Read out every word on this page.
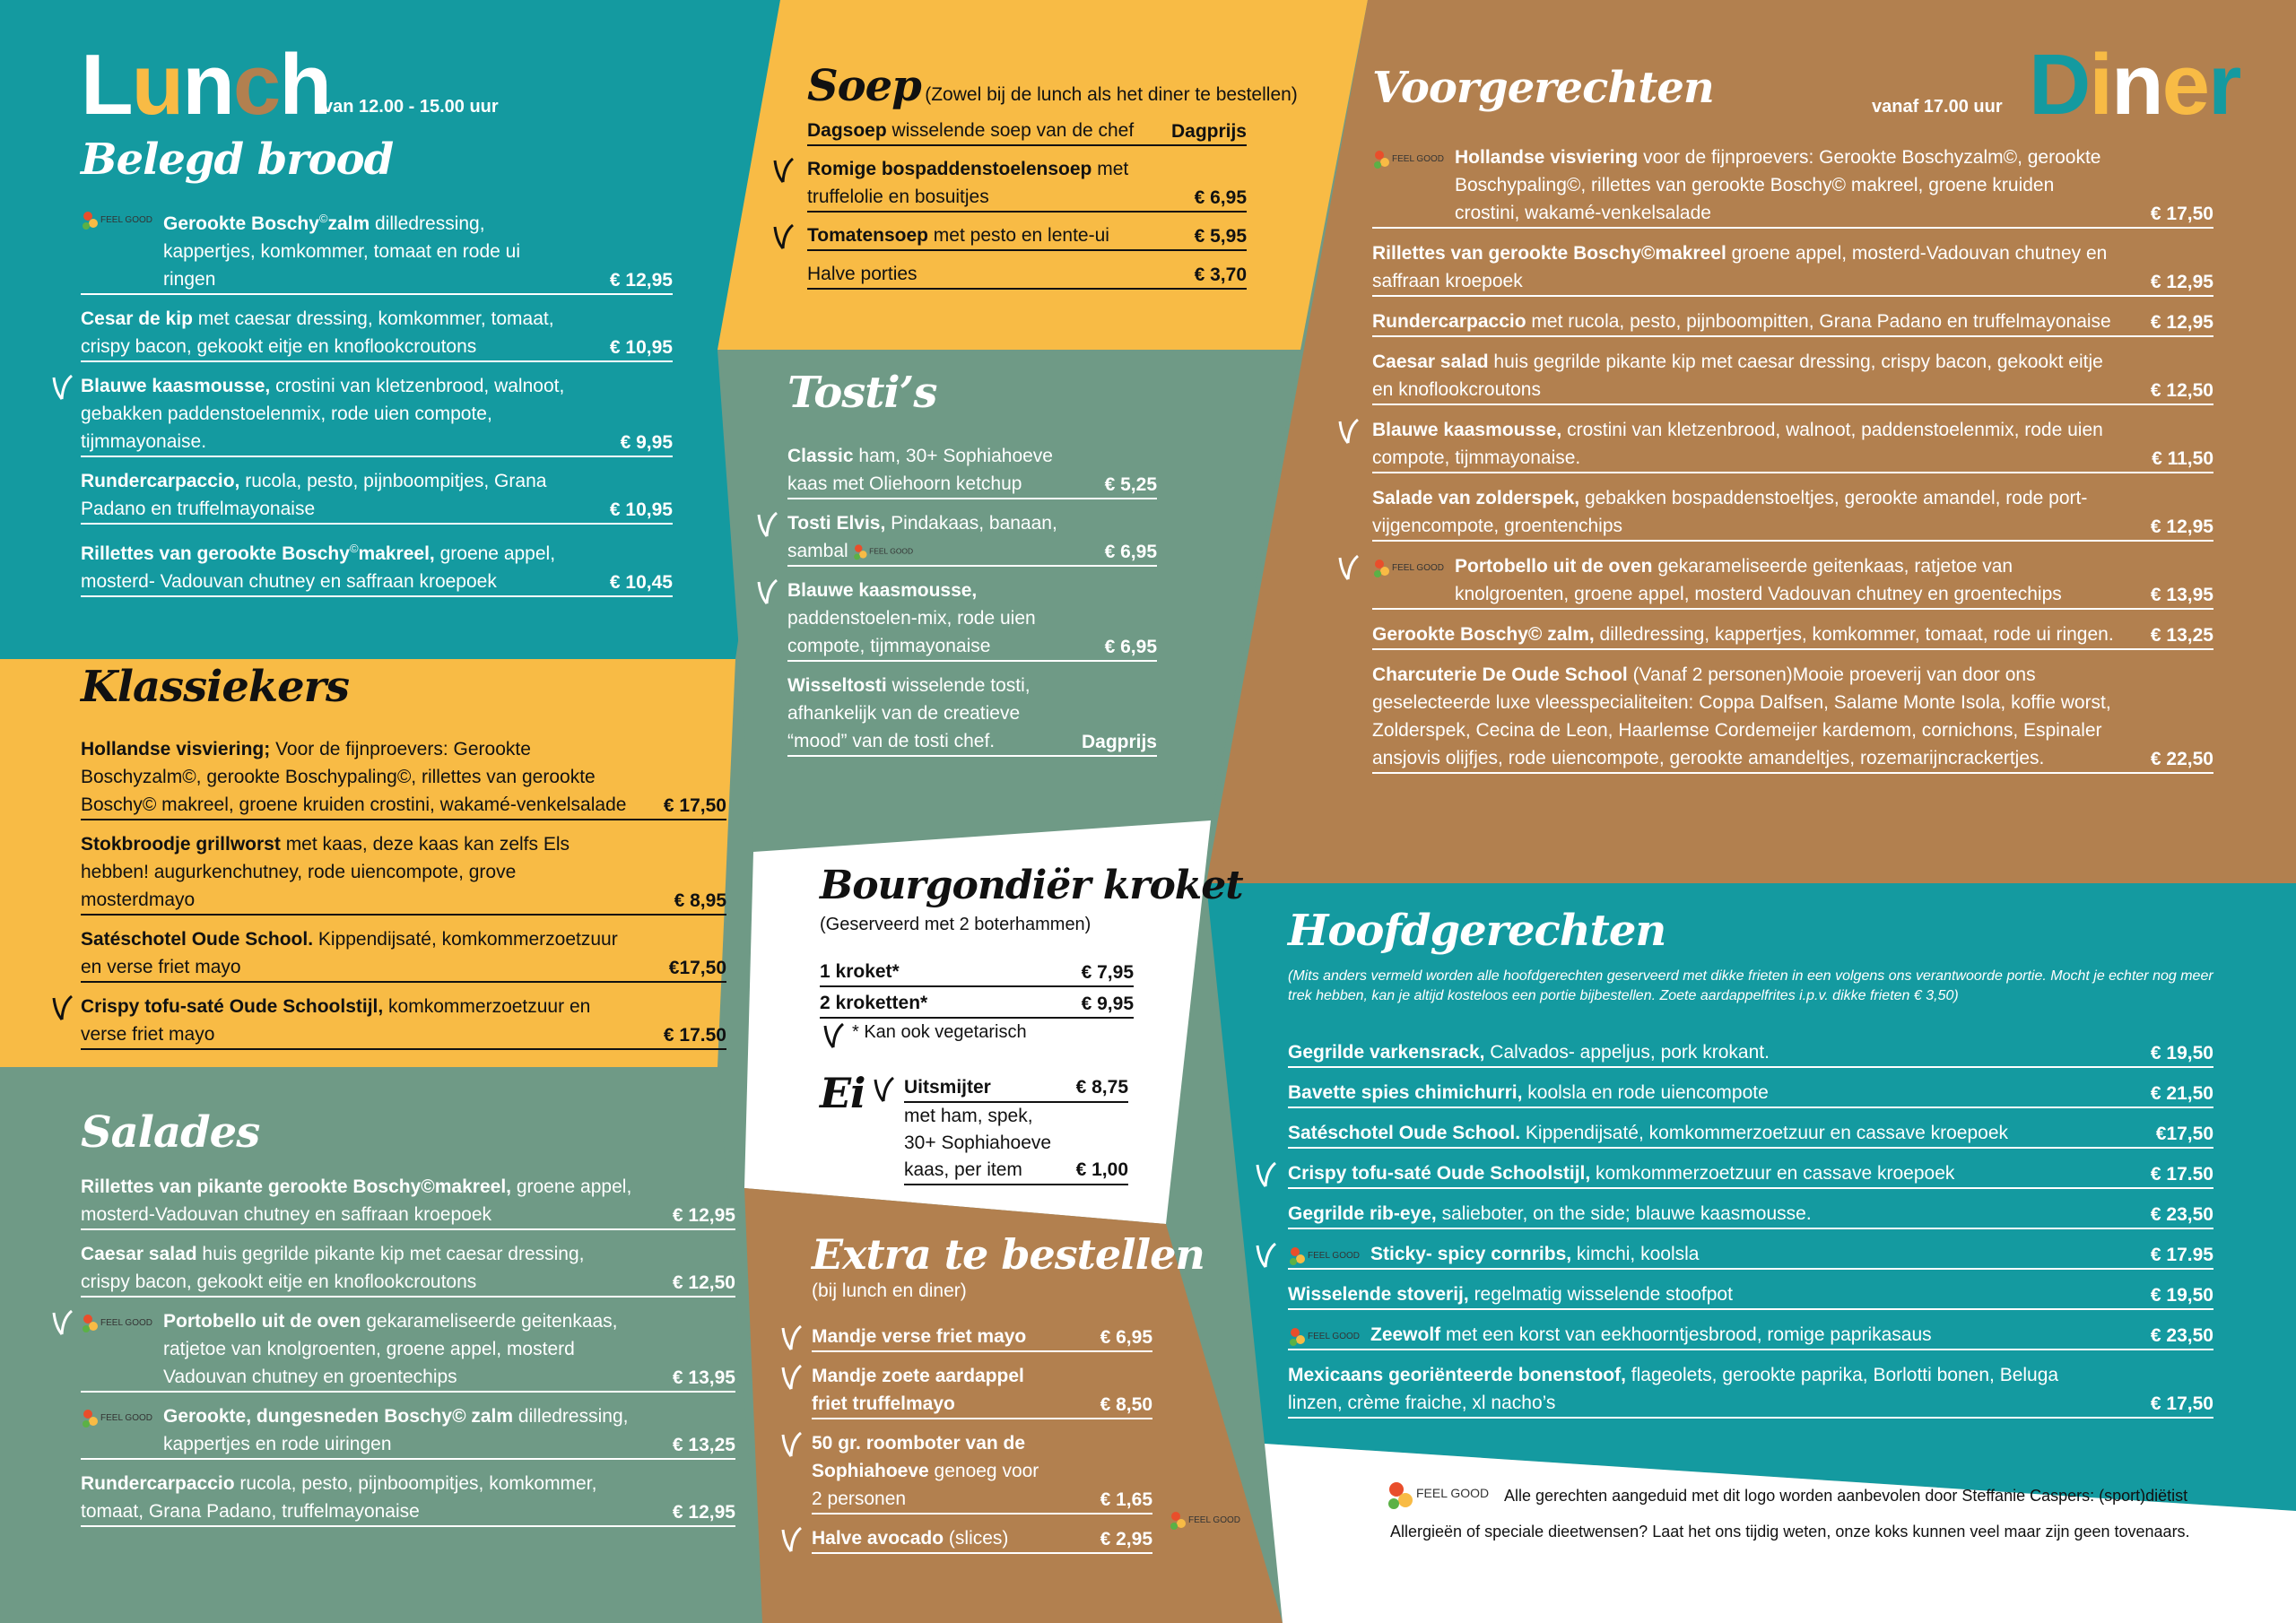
Lunch
van 12.00 - 15.00 uur
Belegd brood
FEEL GOOD Gerookte Boschy©zalm dilledressing, kappertjes, komkommer, tomaat en rode ui ringen	€ 12,95
Cesar de kip met caesar dressing, komkommer, tomaat, crispy bacon, gekookt eitje en knoflookcroutons	€ 10,95
Blauwe kaasmousse, crostini van kletzenbrood, walnoot, gebakken paddenstoelenmix, rode uien compote, tijmmayonaise.	€ 9,95
Rundercarpaccio, rucola, pesto, pijnboompitjes, Grana Padano en truffelmayonaise	€ 10,95
Rillettes van gerookte Boschy©makreel, groene appel, mosterd- Vadouvan chutney en saffraan kroepoek	€ 10,45
Klassiekers
Hollandse visviering; Voor de fijnproevers: Gerookte Boschyzalm©, gerookte Boschypaling©, rillettes van gerookte Boschy© makreel, groene kruiden crostini, wakamé-venkelsalade € 17,50
Stokbroodje grillworst met kaas, deze kaas kan zelfs Els hebben! augurkenchutney, rode uiencompote, grove mosterdmayo	€ 8,95
Satéschotel Oude School. Kippendijsaté, komkommerzoetzuur en verse friet mayo	€17,50
Crispy tofu-saté Oude Schoolstijl, komkommerzoetzuur en verse friet mayo	€ 17.50
Salades
Rillettes van pikante gerookte Boschy©makreel, groene appel, mosterd-Vadouvan chutney en saffraan kroepoek	€ 12,95
Caesar salad huis gegrilde pikante kip met caesar dressing, crispy bacon, gekookt eitje en knoflookcroutons	€ 12,50
FEEL GOOD Portobello uit de oven gekarameliseerde geitenkaas, ratjetoe van knolgroenten, groene appel, mosterd Vadouvan chutney en groentechips	€ 13,95
FEEL GOOD Gerookte, dungesneden Boschy© zalm dilledressing, kappertjes en rode uiringen	€ 13,25
Rundercarpaccio rucola, pesto, pijnboompitjes, komkommer, tomaat, Grana Padano, truffelmayonaise	€ 12,95
Soep (Zowel bij de lunch als het diner te bestellen)
Dagsoep wisselende soep van de chef Dagprijs
Romige bospaddenstoelensoep met truffelolie en bosuitjes	€ 6,95
Tomatensoep met pesto en lente-ui	€ 5,95
Halve porties	€ 3,70
Tosti’s
Classic ham, 30+ Sophiahoeve kaas met Oliehoorn ketchup	€ 5,25
Tosti Elvis, Pindakaas, banaan, sambal FEEL GOOD	€ 6,95
Blauwe kaasmousse, paddenstoelen-mix, rode uien compote, tijmmayonaise	€ 6,95
Wisseltosti wisselende tosti, afhankelijk van de creatieve “mood” van de tosti chef.	Dagprijs
Bourgondiër kroket
(Geserveerd met 2 boterhammen)
1 kroket*	€ 7,95
2 kroketten*	€ 9,95
* Kan ook vegetarisch
Ei Uitsmijter	€ 8,75
met ham, spek, 30+ Sophiahoeve kaas, per item	€ 1,00
Extra te bestellen
(bij lunch en diner)
Mandje verse friet mayo	€ 6,95
Mandje zoete aardappel friet truffelmayo	€ 8,50
50 gr. roomboter van de Sophiahoeve genoeg voor 2 personen	€ 1,65
Halve avocado (slices)	€ 2,95
FEEL GOOD
Diner
vanaf 17.00 uur
Voorgerechten
FEEL GOOD Hollandse visviering voor de fijnproevers: Gerookte Boschyzalm©, gerookte Boschypaling©, rillettes van gerookte Boschy© makreel, groene kruiden crostini, wakamé-venkelsalade	€ 17,50
Rillettes van gerookte Boschy©makreel groene appel, mosterd-Vadouvan chutney en saffraan kroepoek	€ 12,95
Rundercarpaccio met rucola, pesto, pijnboompitten, Grana Padano en truffelmayonaise € 12,95
Caesar salad huis gegrilde pikante kip met caesar dressing, crispy bacon, gekookt eitje en knoflookcroutons	€ 12,50
Blauwe kaasmousse, crostini van kletzenbrood, walnoot, paddenstoelenmix, rode uien compote, tijmmayonaise.	€ 11,50
Salade van zolderspek, gebakken bospaddenstoeltjes, gerookte amandel, rode port- vijgencompote, groentenchips	€ 12,95
FEEL GOOD Portobello uit de oven gekarameliseerde geitenkaas, ratjetoe van knolgroenten, groene appel, mosterd Vadouvan chutney en groentechips	€ 13,95
Gerookte Boschy© zalm, dilledressing, kappertjes, komkommer, tomaat, rode ui ringen. € 13,25
Charcuterie De Oude School (Vanaf 2 personen)Mooie proeverij van door ons geselecteerde luxe vleesspecialiteiten: Coppa Dalfsen, Salame Monte Isola, koffie worst, Zolderspek, Cecina de Leon, Haarlemse Cordemeijer kardemom, cornichons, Espinaler ansjovis olijfjes, rode uiencompote, gerookte amandeltjes, rozemarijncrackertjes.	€ 22,50
Hoofdgerechten
(Mits anders vermeld worden alle hoofdgerechten geserveerd met dikke frieten in een volgens ons verantwoorde portie. Mocht je echter nog meer trek hebben, kan je altijd kosteloos een portie bijbestellen. Zoete aardappelfrites i.p.v. dikke frieten € 3,50)
Gegrilde varkensrack, Calvados- appeljus, pork krokant.	€ 19,50
Bavette spies chimichurri, koolsla en rode uiencompote	€ 21,50
Satéschotel Oude School. Kippendijsaté, komkommerzoetzuur en cassave kroepoek	€17,50
Crispy tofu-saté Oude Schoolstijl, komkommerzoetzuur en cassave kroepoek	€ 17.50
Gegrilde rib-eye, salieboter, on the side; blauwe kaasmousse.	€ 23,50
FEEL GOOD Sticky- spicy cornribs, kimchi, koolsla	€ 17.95
Wisselende stoverij, regelmatig wisselende stoofpot	€ 19,50
FEEL GOOD Zeewolf met een korst van eekhoorntjesbrood, romige paprikasaus	€ 23,50
Mexicaans georiënteerde bonenstoof, flageolets, gerookte paprika, Borlotti bonen, Beluga linzen, crème fraiche, xl nacho’s	€ 17,50
FEEL GOOD Alle gerechten aangeduid met dit logo worden aanbevolen door Steffanie Caspers: (sport)diëtist
Allergieën of speciale dieetwensen? Laat het ons tijdig weten, onze koks kunnen veel maar zijn geen tovenaars.
